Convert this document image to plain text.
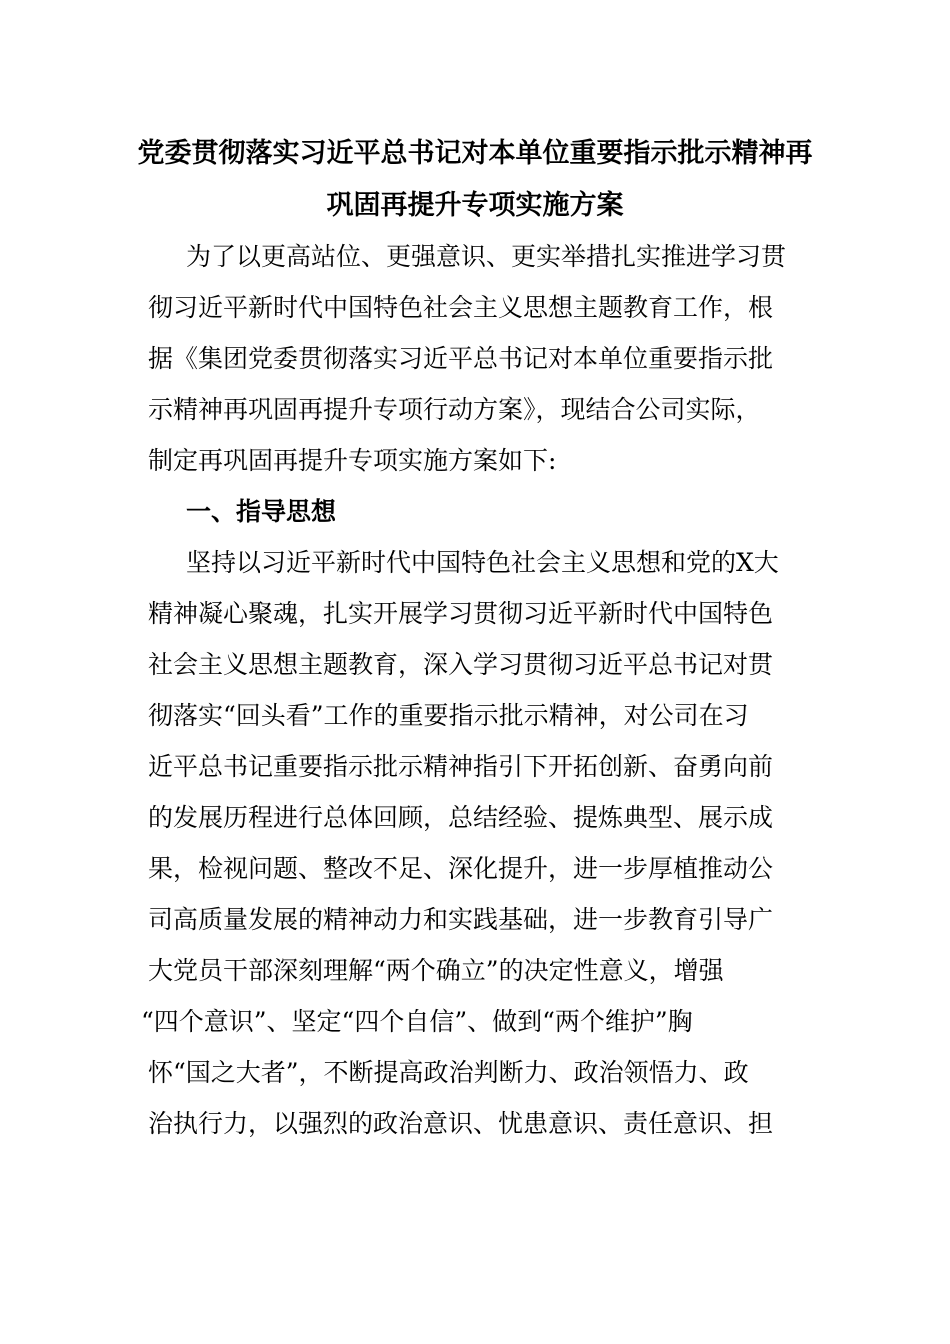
党委贯彻落实习近平总书记对本单位重要指示批示精神再
巩固再提升专项实施方案
为了以更高站位、更强意识、更实举措扎实推进学习贯
彻习近平新时代中国特色社会主义思想主题教育工作，根
据《集团党委贯彻落实习近平总书记对本单位重要指示批
示精神再巩固再提升专项行动方案》，现结合公司实际，
制定再巩固再提升专项实施方案如下:
一、指导思想
坚持以习近平新时代中国特色社会主义思想和党的X大
精神凝心聚魂，扎实开展学习贯彻习近平新时代中国特色
社会主义思想主题教育，深入学习贯彻习近平总书记对贯
彻落实“回头看”工作的重要指示批示精神，对公司在习
近平总书记重要指示批示精神指引下开拓创新、奋勇向前
的发展历程进行总体回顾，总结经验、提炼典型、展示成
果，检视问题、整改不足、深化提升，进一步厚植推动公
司高质量发展的精神动力和实践基础，进一步教育引导广
大党员干部深刻理解“两个确立”的决定性意义，增强
“四个意识”、坚定“四个自信”、做到“两个维护”胸
怀“国之大者”，不断提高政治判断力、政治领悟力、政
治执行力，以强烈的政治意识、忧患意识、责任意识、担
